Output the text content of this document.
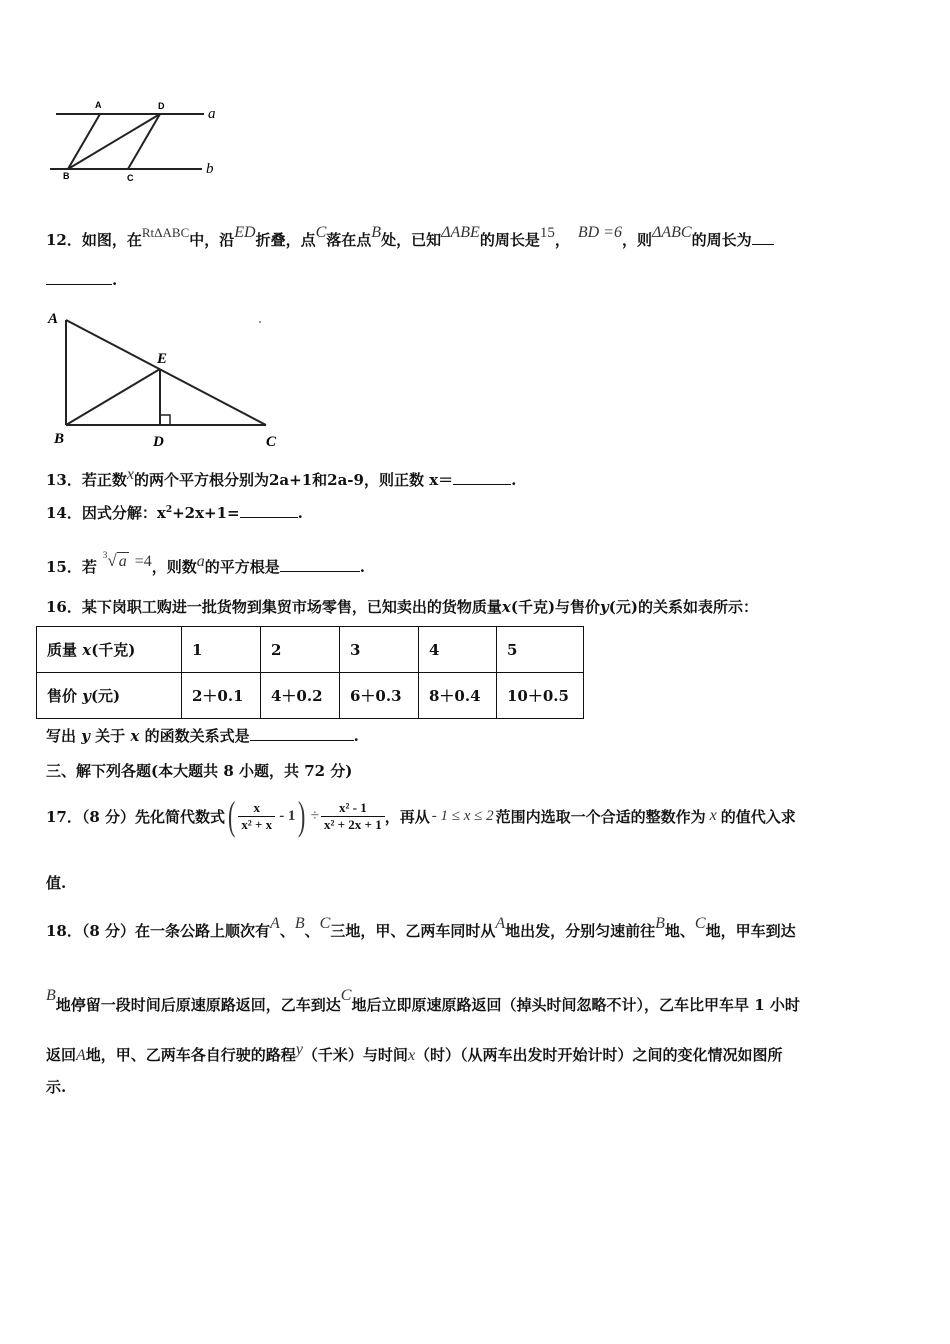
A	D
B	C
a
b
12．如图，在RtΔABC中，沿ED折叠，点C落在点B处，已知ΔABE的周长是15， BD =6，则ΔABC的周长为
.
A
E
B	D	C
13．若正数x的两个平方根分别为2a+1和2a-9，则正数 x＝	.
14．因式分解：$x^2+2x+1=$	.
15．若$^3$√ a =4，则数a的平方根是	.
16．某下岗职工购进一批货物到集贸市场零售，已知卖出的货物质量x(千克)与售价y(元)的关系如表所示：
质量 x(千克)	1	2	3	4	5
售价 y(元)	2＋0.1	4＋0.2	6＋0.3	8＋0.4	10＋0.5
写出 y 关于 x 的函数关系式是	.
三、解下列各题(本大题共 8 小题，共 72 分)
17．（8 分）先化简代数式 ( $\frac{x}{\text{x² + x}} - 1$ ) ÷ $\frac{\text{x² - 1}}{\text{x² + 2x + 1}}$ ，再从 - 1 ≤ x ≤ 2 范围内选取一个合适的整数作为 x 的值代入求
值.
18．（8 分）在一条公路上顺次有A、B、C三地，甲、乙两车同时从A地出发，分别匀速前往B地、C地，甲车到达
B地停留一段时间后原速原路返回，乙车到达C地后立即原速原路返回（掉头时间忽略不计），乙车比甲车早 1 小时
返回A地，甲、乙两车各自行驶的路程y（千米）与时间x（时）（从两车出发时开始计时）之间的变化情况如图所
示.
